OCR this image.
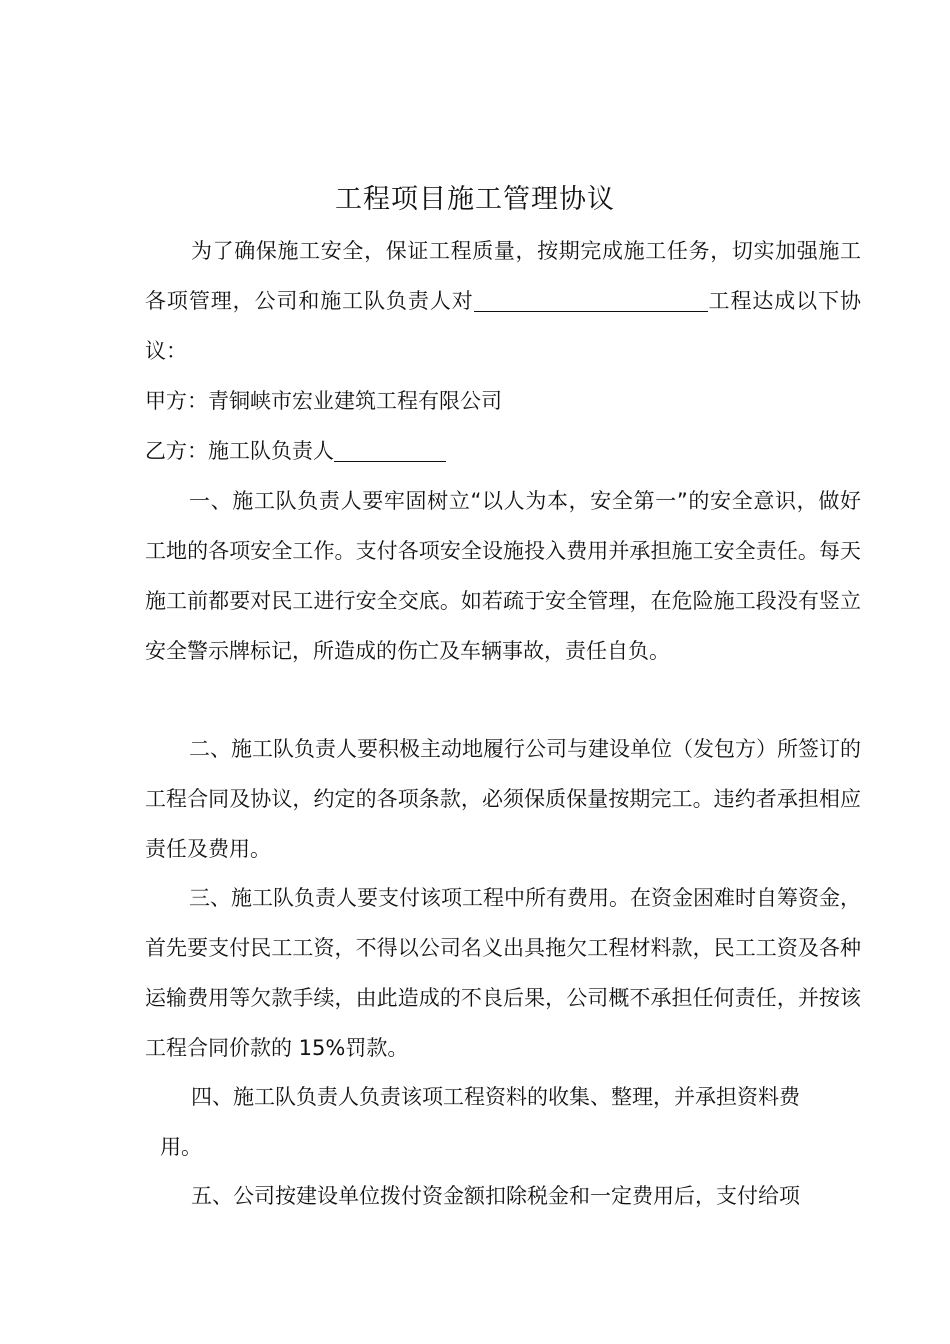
工程项目施工管理协议
为了确保施工安全，保证工程质量，按期完成施工任务，切实加强施工各项管理，公司和施工队负责人对	工程达成以下协议：
甲方：青铜峡市宏业建筑工程有限公司
乙方：施工队负责人
一、施工队负责人要牢固树立“以人为本，安全第一”的安全意识，做好工地的各项安全工作。支付各项安全设施投入费用并承担施工安全责任。每天施工前都要对民工进行安全交底。如若疏于安全管理，在危险施工段没有竖立安全警示牌标记，所造成的伤亡及车辆事故，责任自负。
二、施工队负责人要积极主动地履行公司与建设单位（发包方）所签订的工程合同及协议，约定的各项条款，必须保质保量按期完工。违约者承担相应责任及费用。
三、施工队负责人要支付该项工程中所有费用。在资金困难时自筹资金，首先要支付民工工资，不得以公司名义出具拖欠工程材料款，民工工资及各种运输费用等欠款手续，由此造成的不良后果，公司概不承担任何责任，并按该工程合同价款的 15%罚款。
四、施工队负责人负责该项工程资料的收集、整理，并承担资料费
用。
五、公司按建设单位拨付资金额扣除税金和一定费用后，支付给项
